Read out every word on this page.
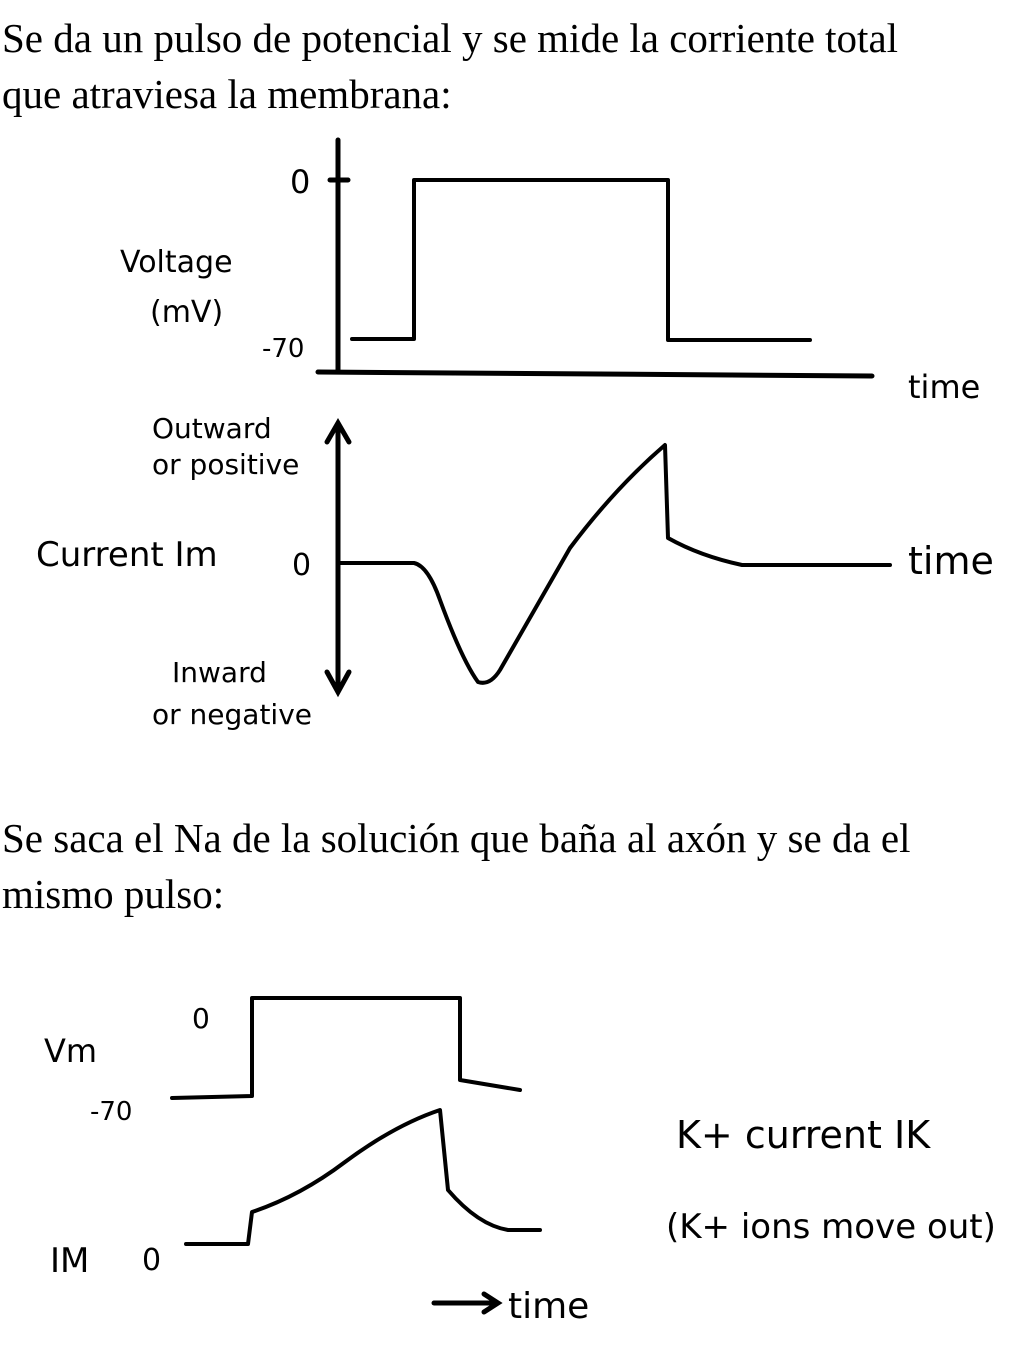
Se da un pulso de potencial y se mide la corriente total
que atraviesa la membrana:
Se saca el Na de la solución que baña al axón y se da el
mismo pulso:
0
-70
Voltage
(mV)
time
Outward
or positive
Current Im 0
Inward
or negative
time
Vm
0
-70
IM 0
time
K+ current IK
(K+ ions move out)
